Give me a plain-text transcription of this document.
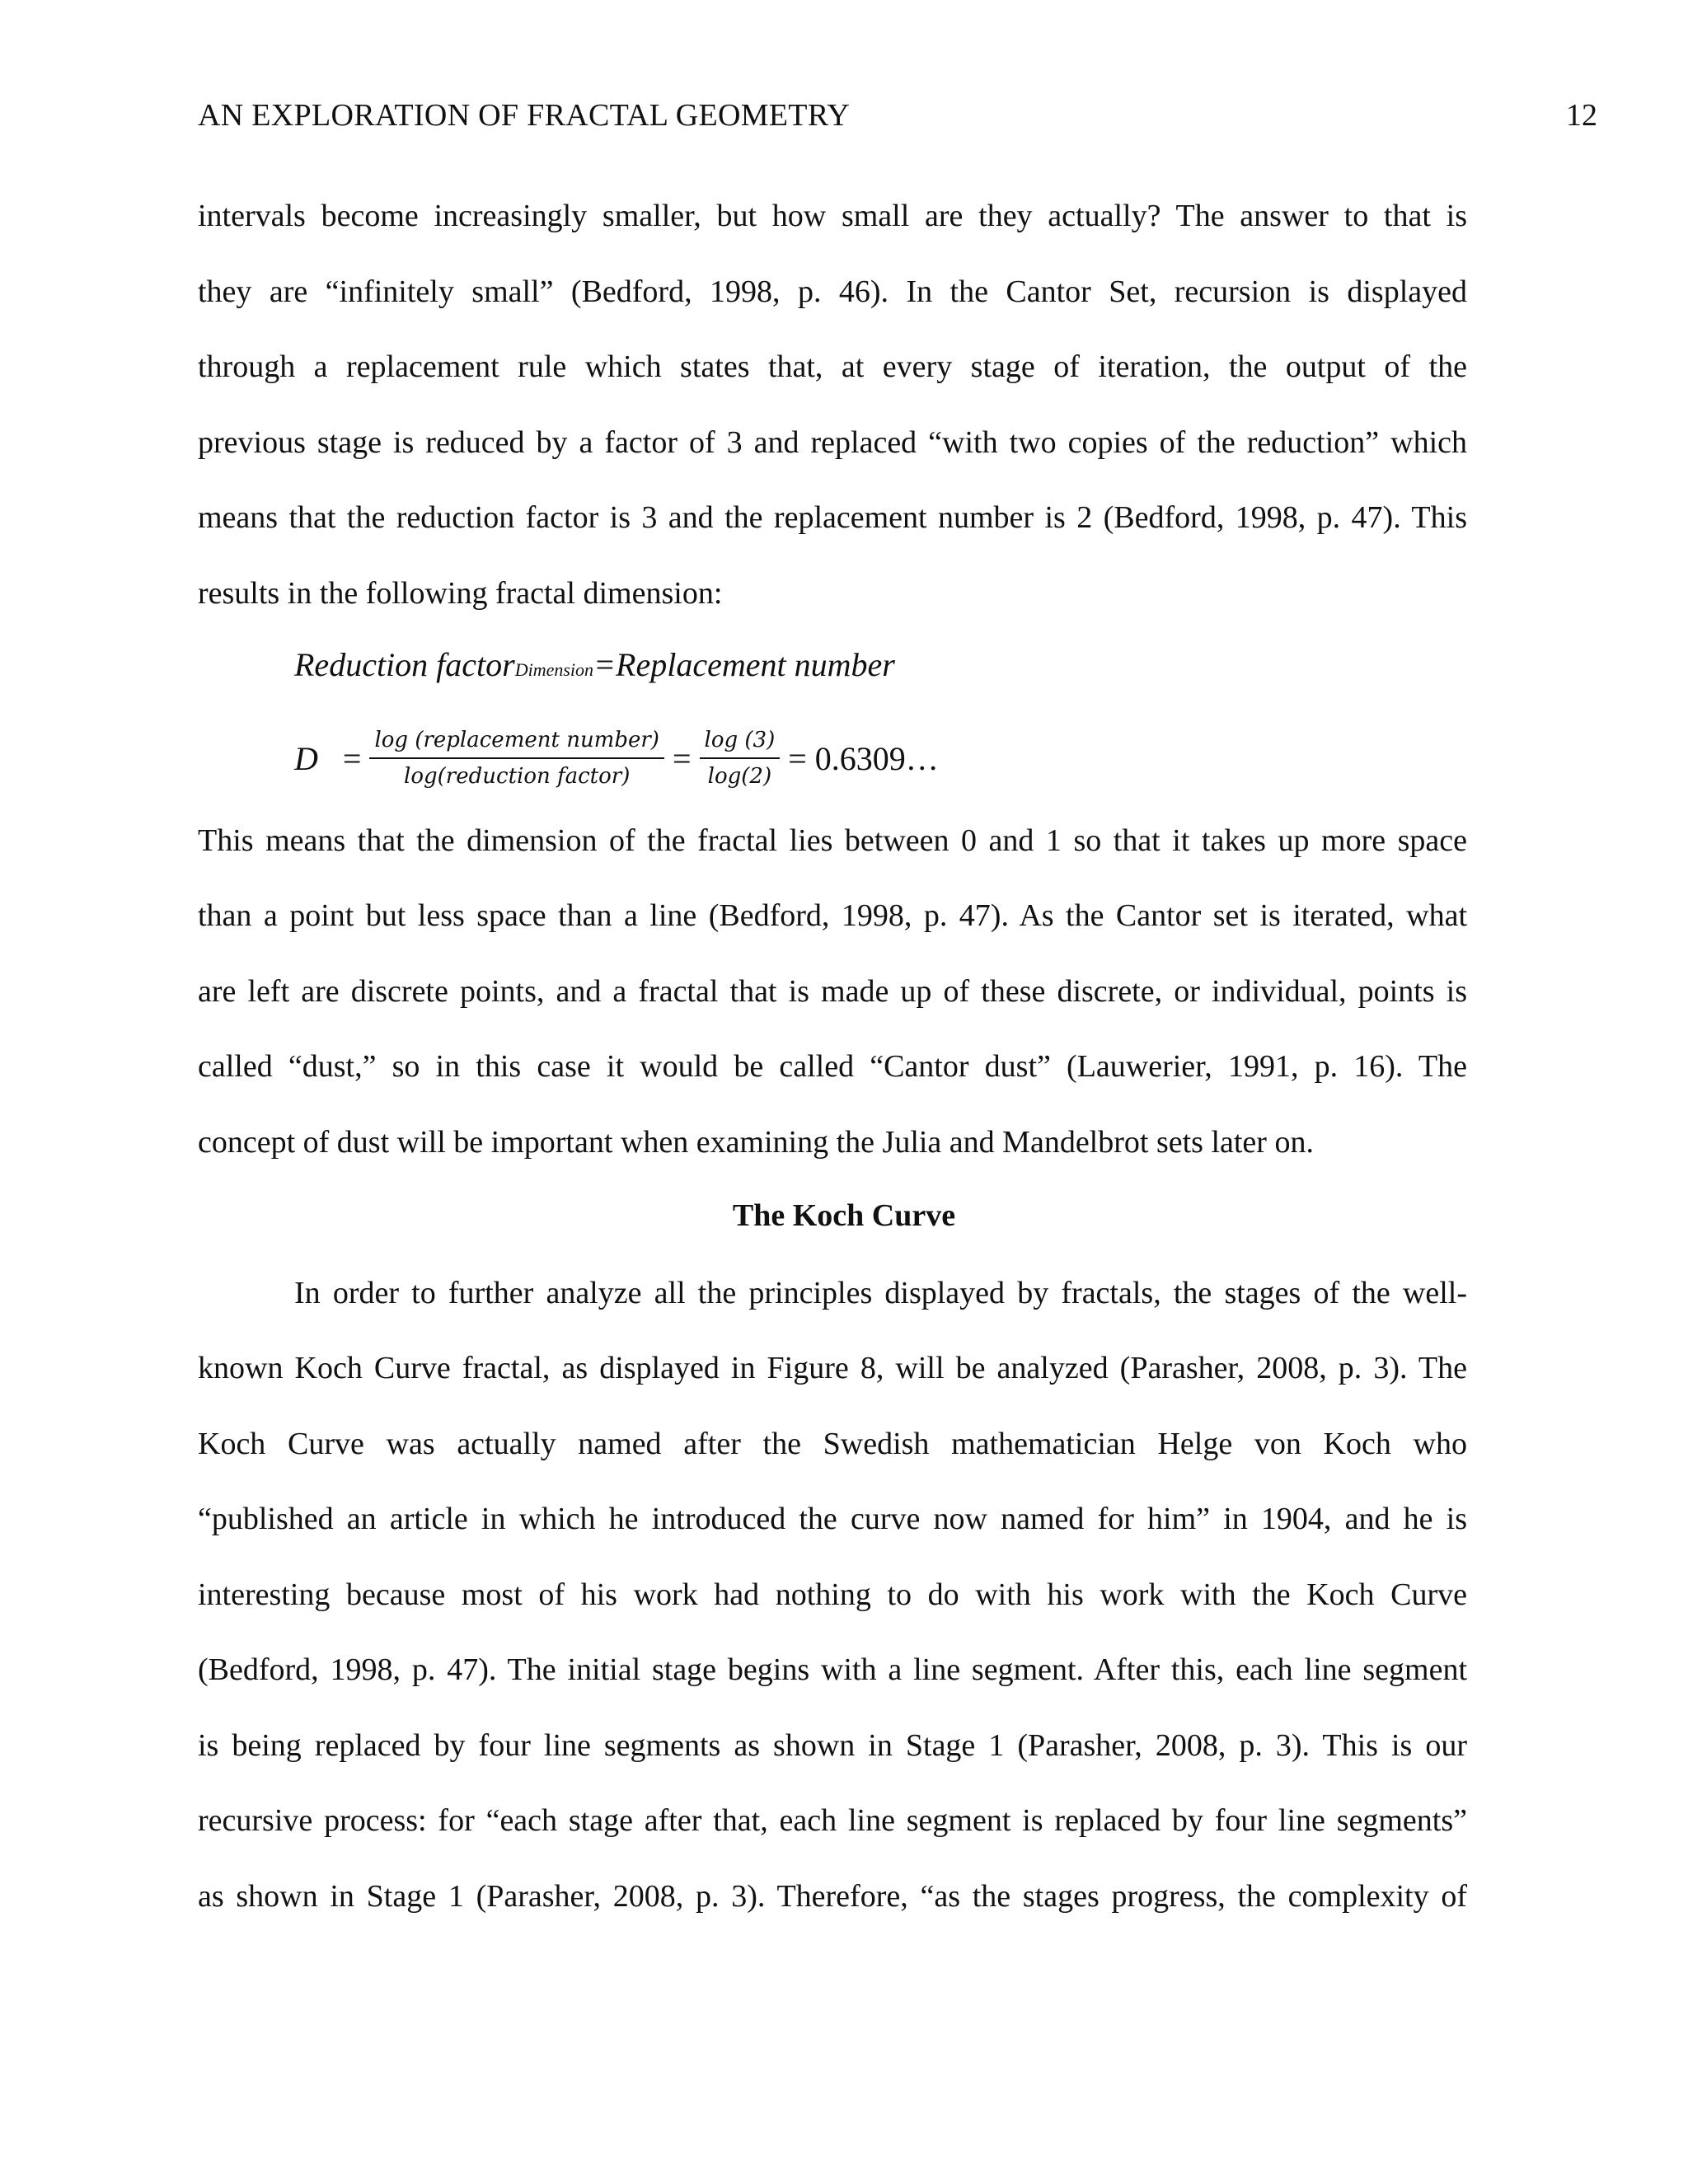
AN EXPLORATION OF FRACTAL GEOMETRY	12
intervals become increasingly smaller, but how small are they actually? The answer to that is
they are “infinitely small” (Bedford, 1998, p. 46). In the Cantor Set, recursion is displayed
through a replacement rule which states that, at every stage of iteration, the output of the
previous stage is reduced by a factor of 3 and replaced “with two copies of the reduction” which
means that the reduction factor is 3 and the replacement number is 2 (Bedford, 1998, p. 47). This
results in the following fractal dimension:
Reduction factorDimension=Replacement number
$D = \frac{\text{log (replacement number)}}{\text{log(reduction factor)}} = \frac{\log (3)}{\log(2)}$ = 0.6309…
This means that the dimension of the fractal lies between 0 and 1 so that it takes up more space
than a point but less space than a line (Bedford, 1998, p. 47). As the Cantor set is iterated, what
are left are discrete points, and a fractal that is made up of these discrete, or individual, points is
called “dust,” so in this case it would be called “Cantor dust” (Lauwerier, 1991, p. 16). The
concept of dust will be important when examining the Julia and Mandelbrot sets later on.
The Koch Curve
In order to further analyze all the principles displayed by fractals, the stages of the well-
known Koch Curve fractal, as displayed in Figure 8, will be analyzed (Parasher, 2008, p. 3). The
Koch Curve was actually named after the Swedish mathematician Helge von Koch who
“published an article in which he introduced the curve now named for him” in 1904, and he is
interesting because most of his work had nothing to do with his work with the Koch Curve
(Bedford, 1998, p. 47). The initial stage begins with a line segment. After this, each line segment
is being replaced by four line segments as shown in Stage 1 (Parasher, 2008, p. 3). This is our
recursive process: for “each stage after that, each line segment is replaced by four line segments”
as shown in Stage 1 (Parasher, 2008, p. 3). Therefore, “as the stages progress, the complexity of
